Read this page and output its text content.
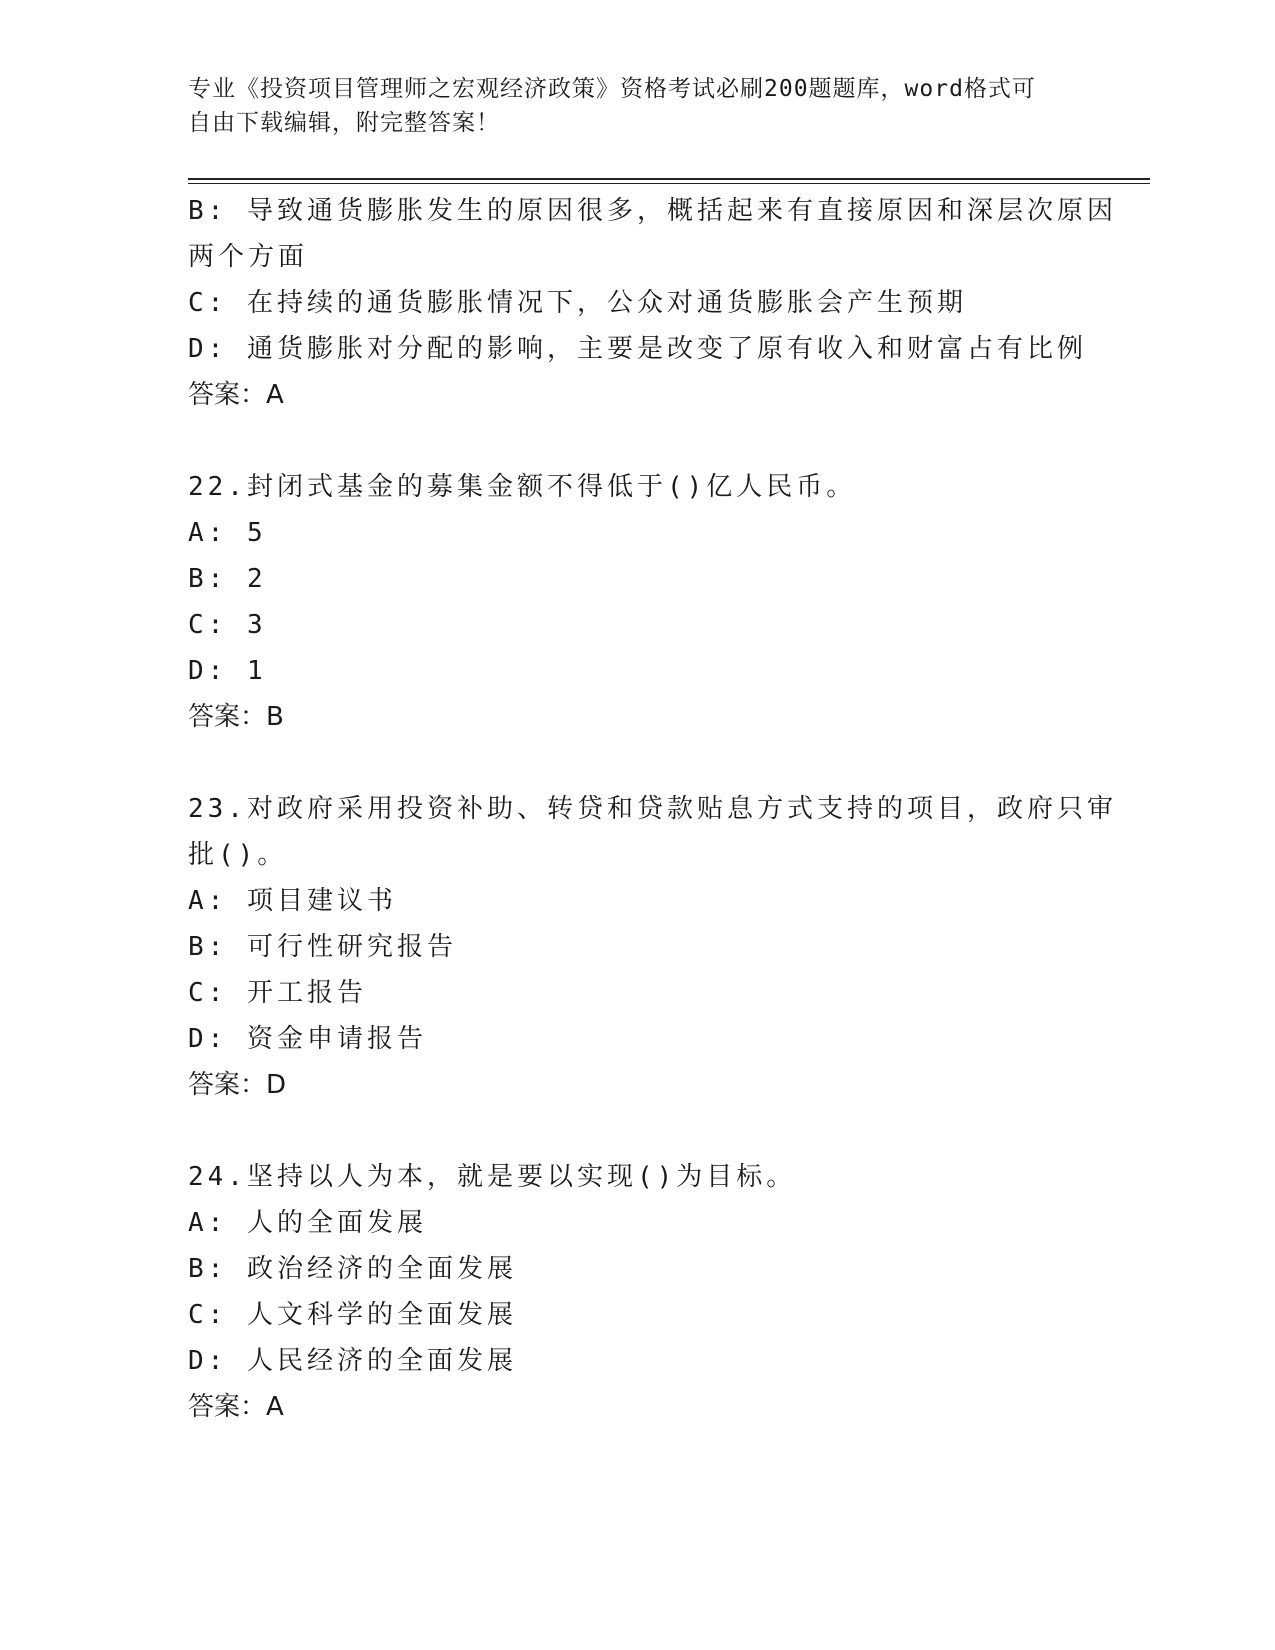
专业《投资项目管理师之宏观经济政策》资格考试必刷200题题库，word格式可
自由下载编辑，附完整答案！
B: 导致通货膨胀发生的原因很多，概括起来有直接原因和深层次原因
两个方面
C: 在持续的通货膨胀情况下，公众对通货膨胀会产生预期
D: 通货膨胀对分配的影响，主要是改变了原有收入和财富占有比例
答案：A
22.封闭式基金的募集金额不得低于()亿人民币。
A: 5
B: 2
C: 3
D: 1
答案：B
23.对政府采用投资补助、转贷和贷款贴息方式支持的项目，政府只审
批()。
A: 项目建议书
B: 可行性研究报告
C: 开工报告
D: 资金申请报告
答案：D
24.坚持以人为本，就是要以实现()为目标。
A: 人的全面发展
B: 政治经济的全面发展
C: 人文科学的全面发展
D: 人民经济的全面发展
答案：A
